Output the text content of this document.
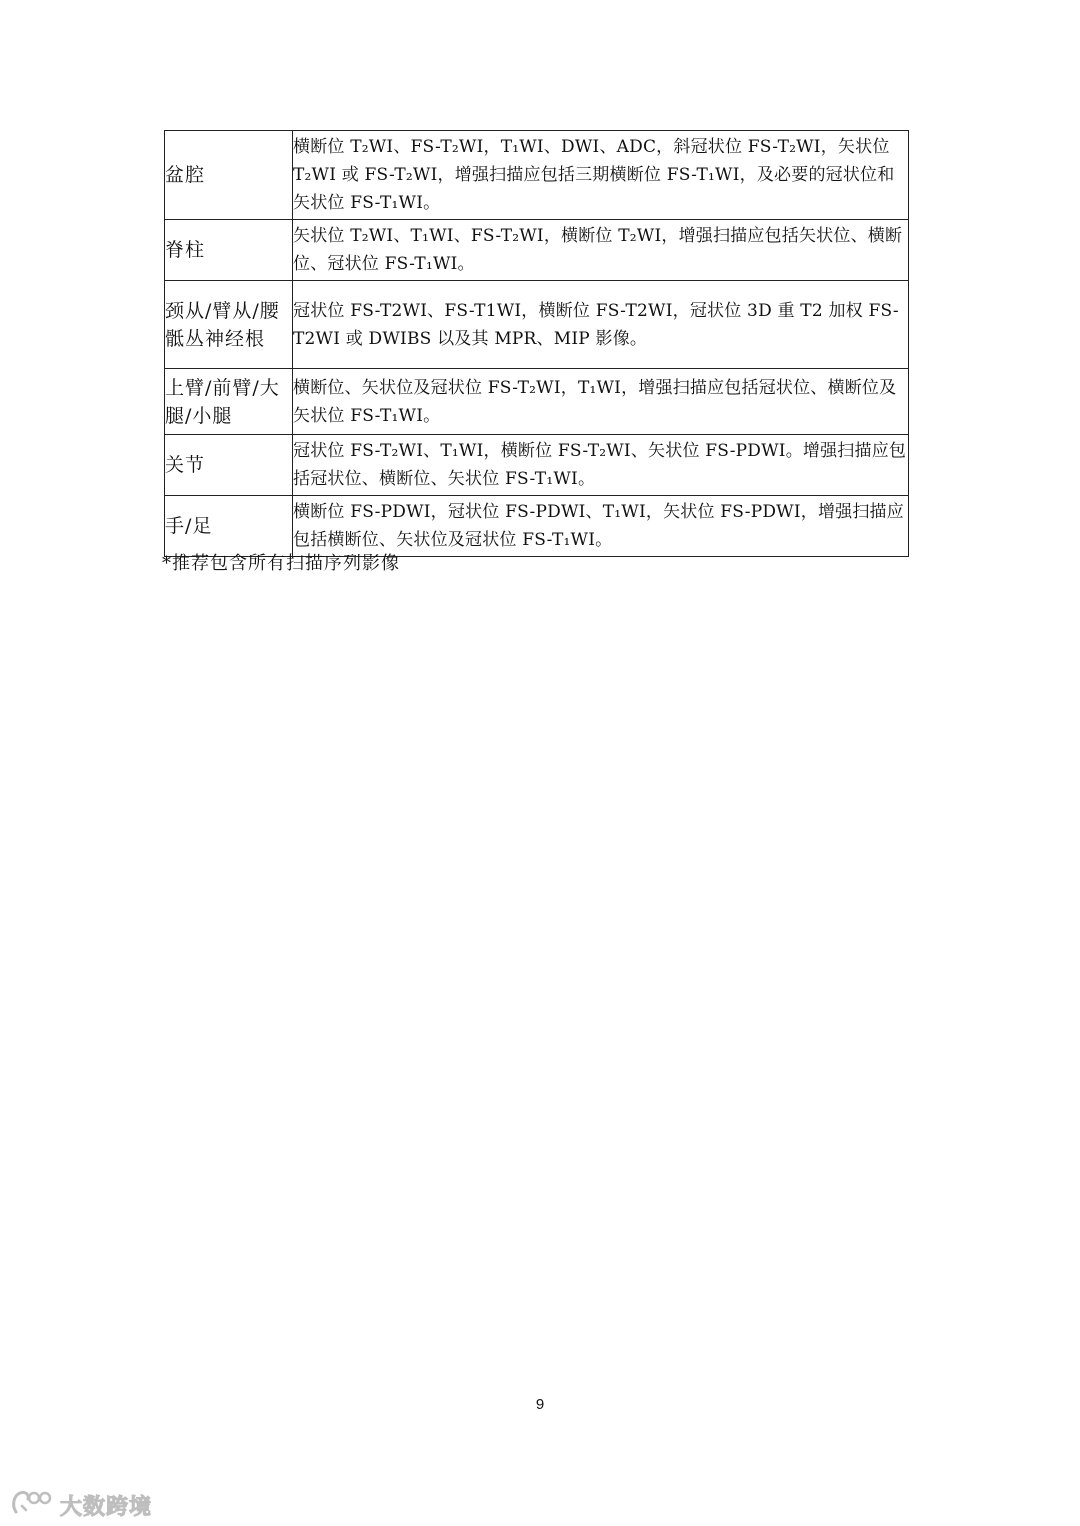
盆腔	横断位 T₂WI、FS-T₂WI，T₁WI、DWI、ADC，斜冠状位 FS-T₂WI，矢状位 T₂WI 或 FS-T₂WI，增强扫描应包括三期横断位 FS-T₁WI，及必要的冠状位和矢状位 FS-T₁WI。

脊柱	矢状位 T₂WI、T₁WI、FS-T₂WI，横断位 T₂WI，增强扫描应包括矢状位、横断位、冠状位 FS-T₁WI。

颈从/臂从/腰骶丛神经根	冠状位 FS-T2WI、FS-T1WI，横断位 FS-T2WI，冠状位 3D 重 T2 加权 FS-T2WI 或 DWIBS 以及其 MPR、MIP 影像。

上臂/前臂/大腿/小腿	横断位、矢状位及冠状位 FS-T₂WI，T₁WI，增强扫描应包括冠状位、横断位及矢状位 FS-T₁WI。

关节	冠状位 FS-T₂WI、T₁WI，横断位 FS-T₂WI、矢状位 FS-PDWI。增强扫描应包括冠状位、横断位、矢状位 FS-T₁WI。

手/足	横断位 FS-PDWI，冠状位 FS-PDWI、T₁WI，矢状位 FS-PDWI，增强扫描应包括横断位、矢状位及冠状位 FS-T₁WI。
*推荐包含所有扫描序列影像
9
大数跨境
